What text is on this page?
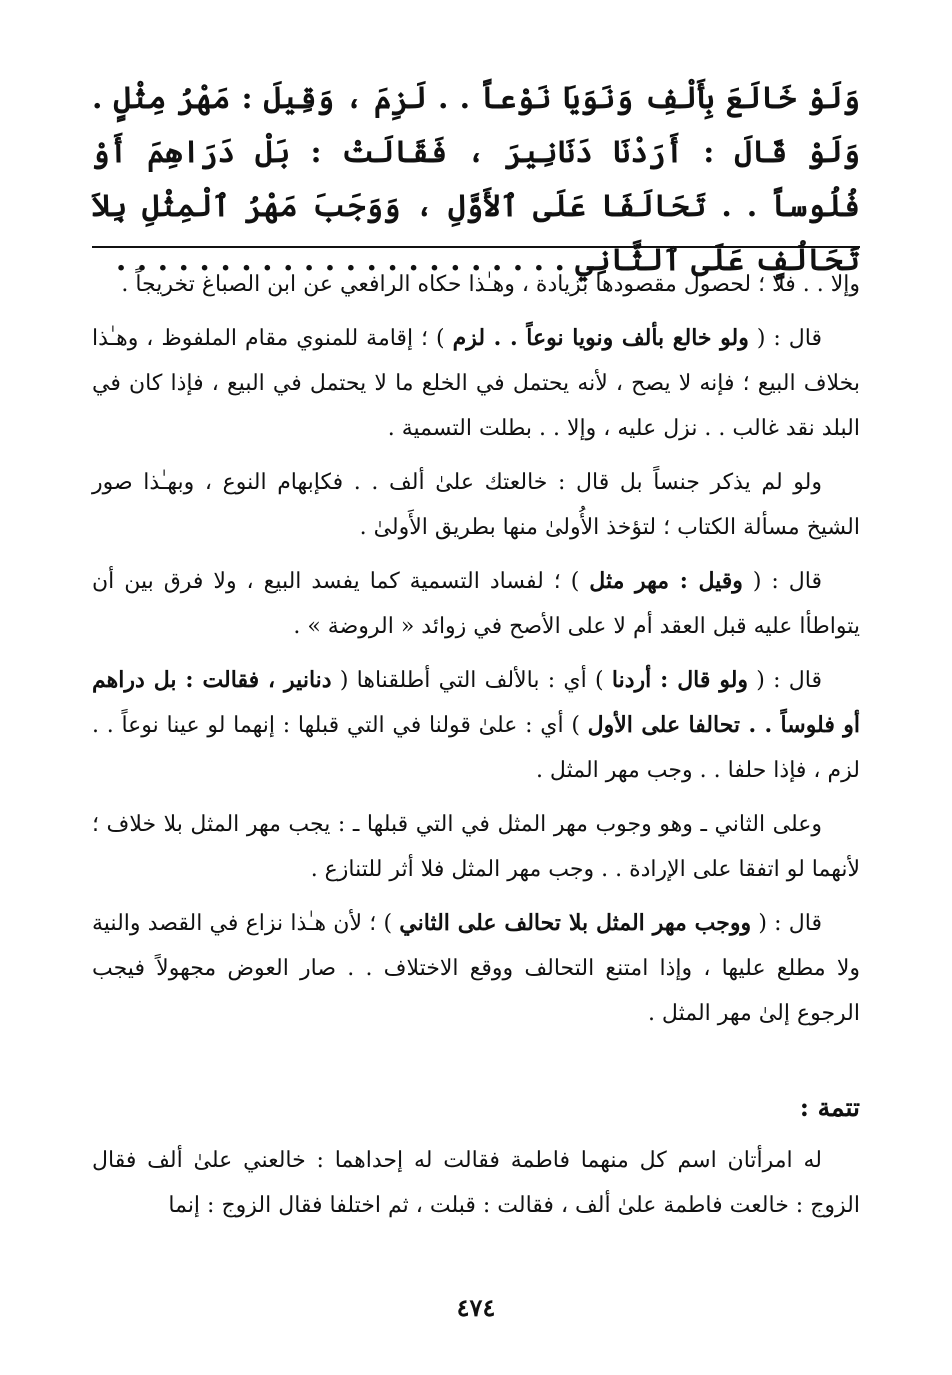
وَلَوْ خَالَعَ بِأَلْفِ وَنَوَيَا نَوْعاً . . لَزِمَ ، وَقِيلَ : مَهْرُ مِثْلٍ . وَلَوْ قَالَ : أَرَدْنَا دَنَانِيرَ ، فَقَالَتْ : بَلْ دَرَاهِمَ أَوْ فُلُوساً . . تَحَالَفَا عَلَى ٱلأَوَّلِ ، وَوَجَبَ مَهْرُ ٱلْمِثْلِ بِلاَ تَحَالُفٍ عَلَى ٱلثَّانِي . . . . . . . . . . . . . . . . . . . . . .

وإلا . . فلا ؛ لحصول مقصودها بزيادة ، وهـٰذا حكاه الرافعي عن ابن الصباغ تخريجاً .

قال : ( ولو خالع بألف ونويا نوعاً . . لزم ) ؛ إقامة للمنوي مقام الملفوظ ، وهـٰذا بخلاف البيع ؛ فإنه لا يصح ، لأنه يحتمل في الخلع ما لا يحتمل في البيع ، فإذا كان في البلد نقد غالب . . نزل عليه ، وإلا . . بطلت التسمية .

ولو لم يذكر جنساً بل قال : خالعتك علىٰ ألف . . فكإبهام النوع ، وبهـٰذا صور الشيخ مسألة الكتاب ؛ لتؤخذ الأُولىٰ منها بطريق الأَولىٰ .

قال : ( وقيل : مهر مثل ) ؛ لفساد التسمية كما يفسد البيع ، ولا فرق بين أن يتواطأا عليه قبل العقد أم لا على الأصح في زوائد « الروضة » .

قال : ( ولو قال : أردنا ) أي : بالألف التي أطلقناها ( دنانير ، فقالت : بل دراهم أو فلوساً . . تحالفا على الأول ) أي : علىٰ قولنا في التي قبلها : إنهما لو عينا نوعاً . . لزم ، فإذا حلفا . . وجب مهر المثل .

وعلى الثاني ـ وهو وجوب مهر المثل في التي قبلها ـ : يجب مهر المثل بلا خلاف ؛ لأنهما لو اتفقا على الإرادة . . وجب مهر المثل فلا أثر للتنازع .

قال : ( ووجب مهر المثل بلا تحالف على الثاني ) ؛ لأن هـٰذا نزاع في القصد والنية ولا مطلع عليها ، وإذا امتنع التحالف ووقع الاختلاف . . صار العوض مجهولاً فيجب الرجوع إلىٰ مهر المثل .

تتمة :

له امرأتان اسم كل منهما فاطمة فقالت له إحداهما : خالعني علىٰ ألف فقال الزوج : خالعت فاطمة علىٰ ألف ، فقالت : قبلت ، ثم اختلفا فقال الزوج : إنما

٤٧٤
